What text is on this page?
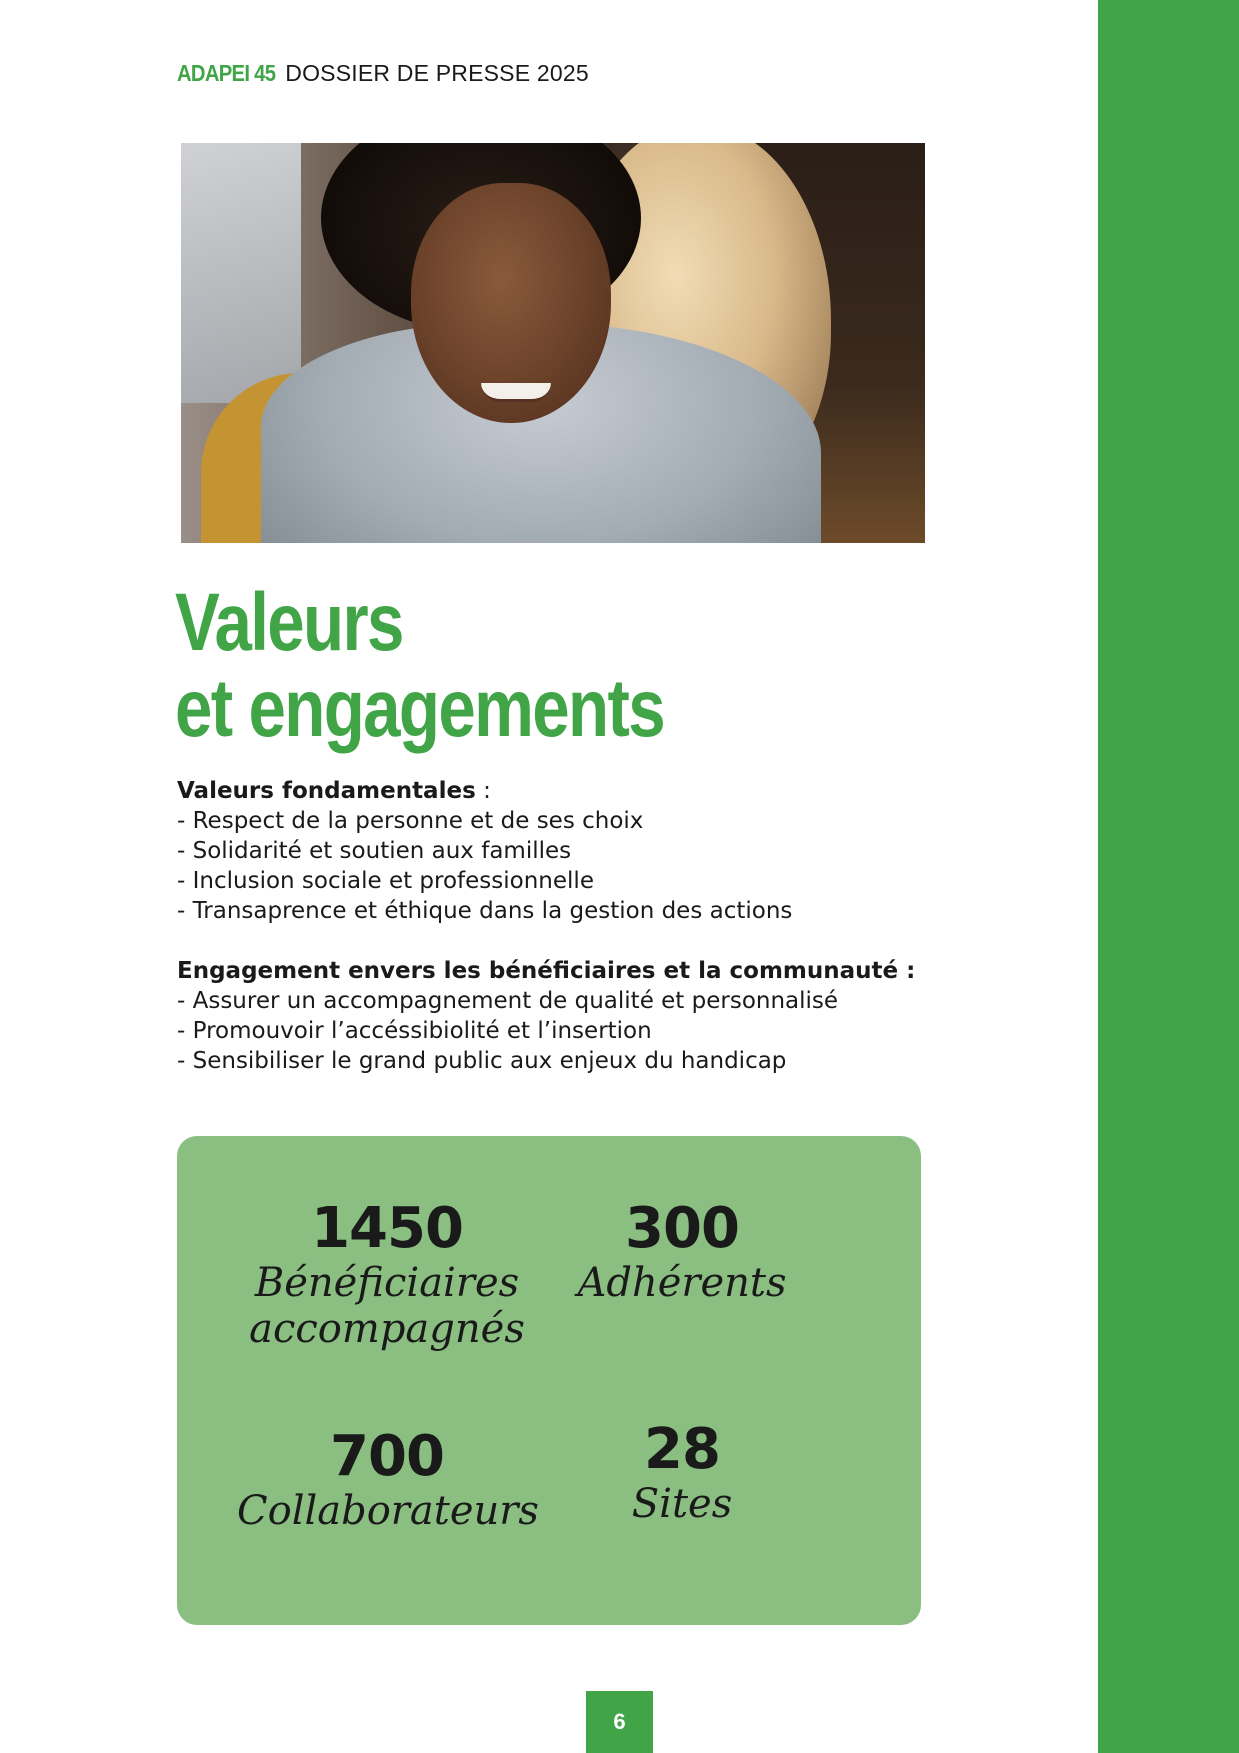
ADAPEI 45 DOSSIER DE PRESSE 2025
Valeurs
et engagements
Valeurs fondamentales :
- Respect de la personne et de ses choix
- Solidarité et soutien aux familles
- Inclusion sociale et professionnelle
- Transaprence et éthique dans la gestion des actions
Engagement envers les bénéficiaires et la communauté :
- Assurer un accompagnement de qualité et personnalisé
- Promouvoir l’accéssibiolité et l’insertion
- Sensibiliser le grand public aux enjeux du handicap
1450
Bénéficiaires
accompagnés
300
Adhérents
700
Collaborateurs
28
Sites
6
